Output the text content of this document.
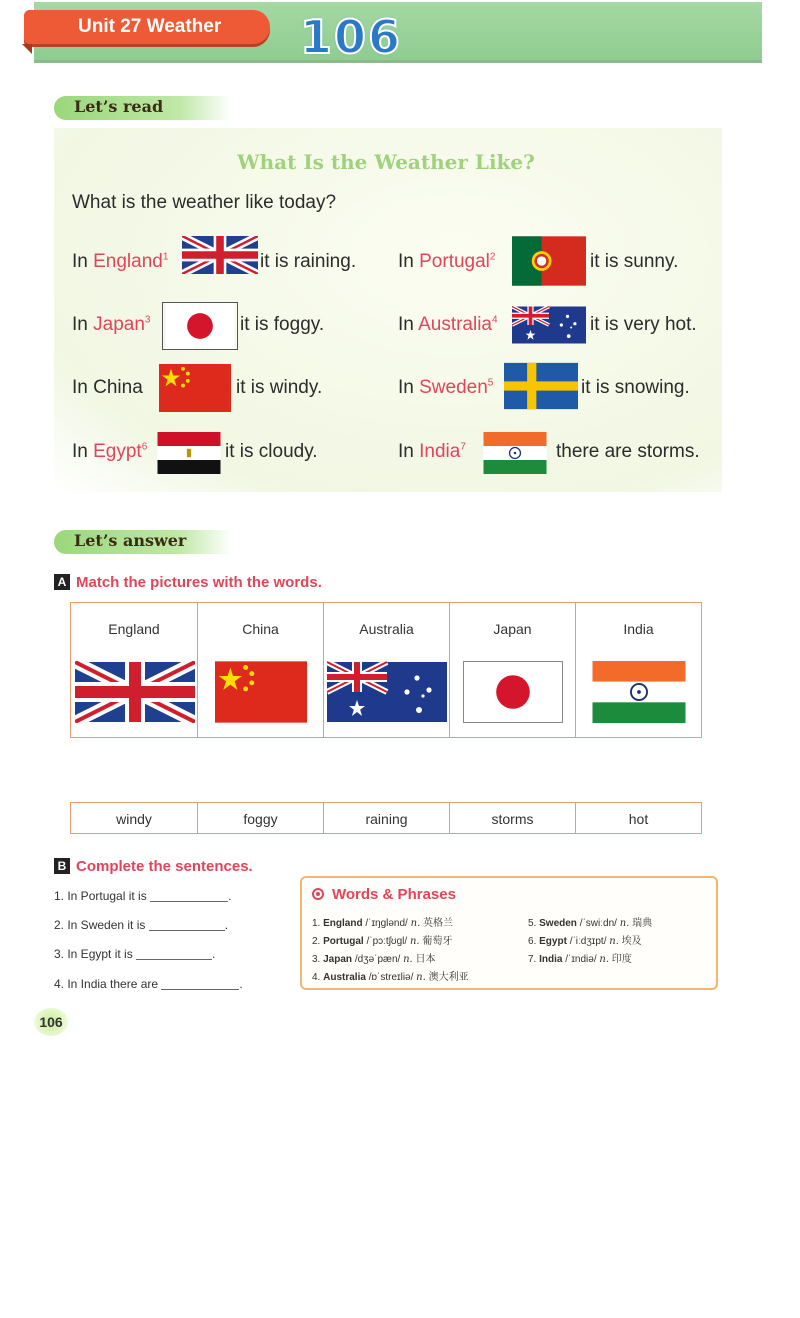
Unit 27 Weather	106
Let’s read
What Is the Weather Like?
What is the weather like today?
In England$^1$	it is raining.
In Japan$^3$	it is foggy.
In China	it is windy.
In Egypt$^6$	it is cloudy.
In Portugal$^2$	it is sunny.
In Australia$^4$	it is very hot.
In Sweden$^5$	it is snowing.
In India$^7$	there are storms.
Let’s answer
A Match the pictures with the words.
England	China	Australia	Japan	India
windy	foggy	raining	storms	hot
B Complete the sentences.
1. In Portugal it is	.
2. In Sweden it is	.
3. In Egypt it is	.
4. In India there are	.
Words & Phrases
1. England /ˈɪŋglənd/ n. 英格兰
2. Portugal /ˈpɔːtʃʊgl/ n. 葡萄牙
3. Japan /dʒəˈpæn/ n. 日本
4. Australia /ɒˈstreɪliə/ n. 澳大利亚
5. Sweden /ˈswiːdn/ n. 瑞典
6. Egypt /ˈiːdʒɪpt/ n. 埃及
7. India /ˈɪndiə/ n. 印度
106
